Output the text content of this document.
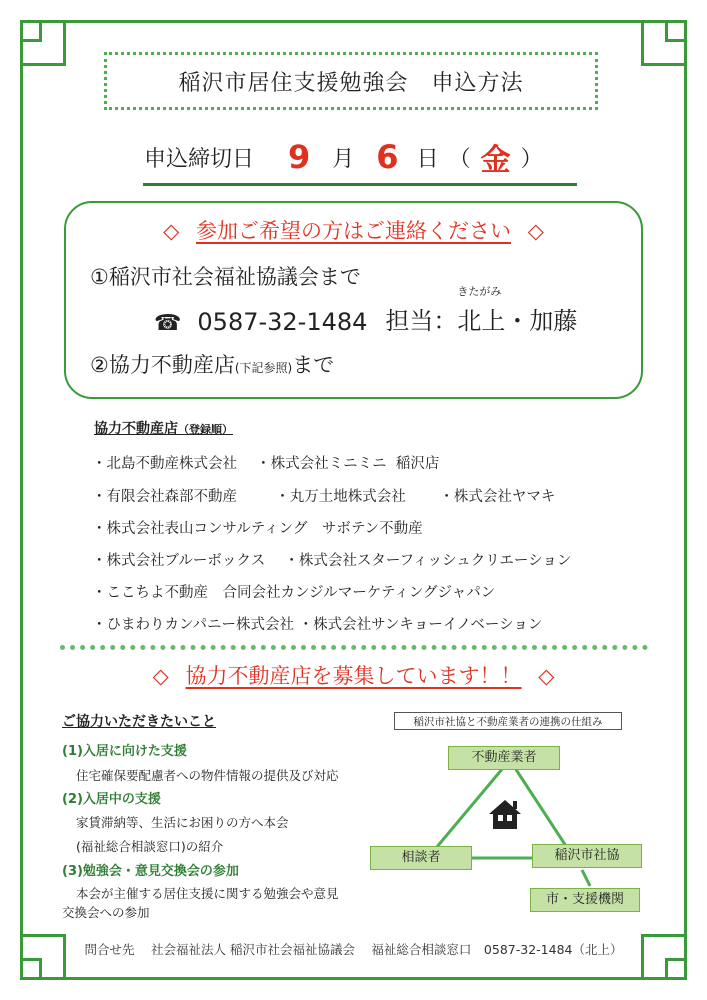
稲沢市居住支援勉強会　申込方法
申込締切日 9 月 6 日 （ 金 ）
◇ 参加ご希望の方はご連絡ください ◇
①稲沢市社会福祉協議会まで
☎ 0587-32-1484 担当：
きたがみ
北上 ・加藤
②協力不動産店(下記参照)まで
協力不動産店（登録順）
・北島不動産株式会社　 ・株式会社ミニミニ  稲沢店
・有限会社森部不動産　　  ・丸万土地株式会社　　 ・株式会社ヤマキ
・株式会社表山コンサルティング　サボテン不動産
・株式会社ブルーボックス　 ・株式会社スターフィッシュクリエーション
・ここちよ不動産　合同会社カンジルマーケティングジャパン
・ひまわりカンパニー株式会社 ・株式会社サンキョーイノベーション
◇ 協力不動産店を募集しています！！ ◇
ご協力いただきたいこと
(1)入居に向けた支援
住宅確保要配慮者への物件情報の提供及び対応
(2)入居中の支援
家賃滞納等、生活にお困りの方へ本会
(福祉総合相談窓口)の紹介
(3)勉強会・意見交換会の参加
本会が主催する居住支援に関する勉強会や意見
交換会への参加
稲沢市社協と不動産業者の連携の仕組み
不動産業者
相談者	稲沢市社協
市・支援機関
問合せ先　 社会福祉法人 稲沢市社会福祉協議会　 福祉総合相談窓口　0587-32-1484（北上）
